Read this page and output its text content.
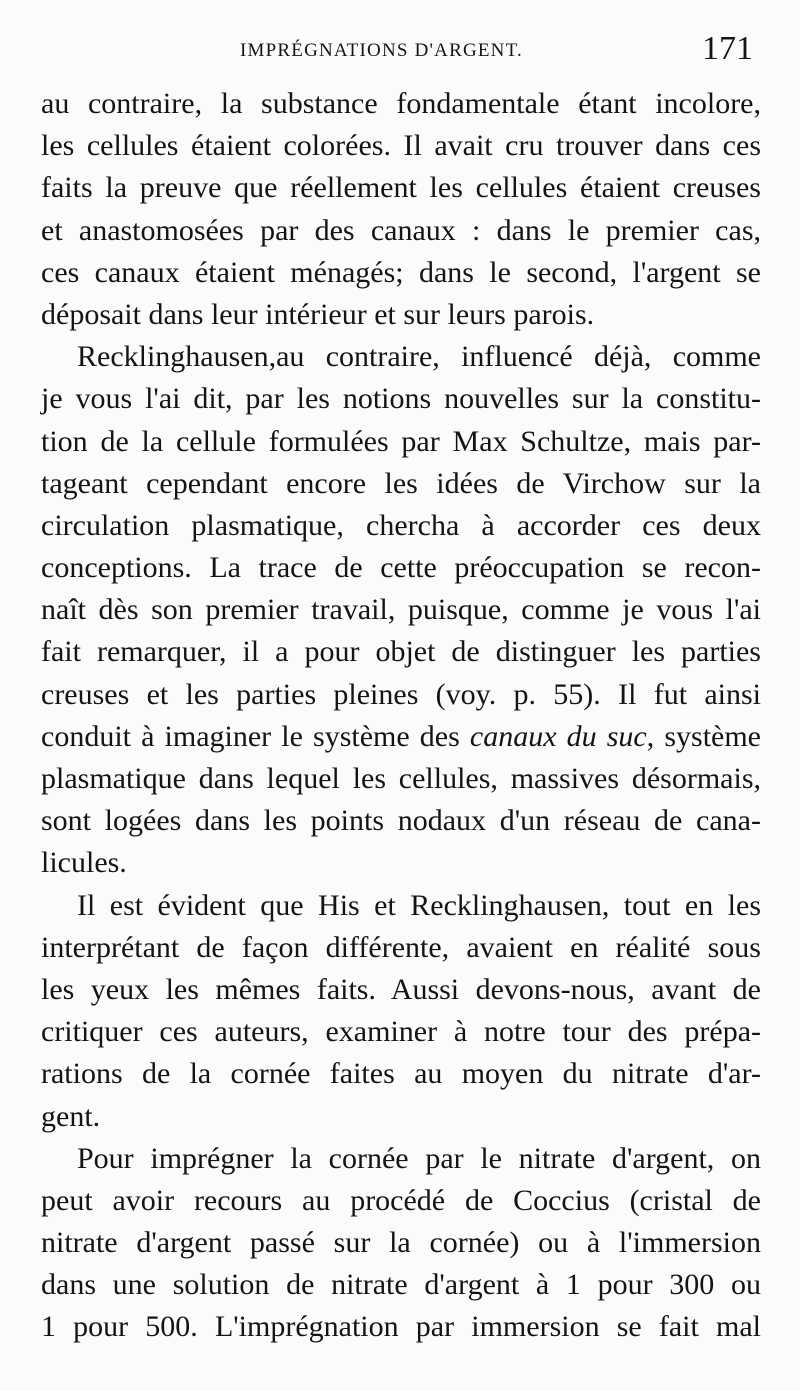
IMPRÉGNATIONS D'ARGENT.	171
au contraire, la substance fondamentale étant incolore,
les cellules étaient colorées. Il avait cru trouver dans ces
faits la preuve que réellement les cellules étaient creuses
et anastomosées par des canaux : dans le premier cas,
ces canaux étaient ménagés; dans le second, l'argent se
déposait dans leur intérieur et sur leurs parois.
Recklinghausen,au contraire, influencé déjà, comme
je vous l'ai dit, par les notions nouvelles sur la constitu-
tion de la cellule formulées par Max Schultze, mais par-
tageant cependant encore les idées de Virchow sur la
circulation plasmatique, chercha à accorder ces deux
conceptions. La trace de cette préoccupation se recon-
naît dès son premier travail, puisque, comme je vous l'ai
fait remarquer, il a pour objet de distinguer les parties
creuses et les parties pleines (voy. p. 55). Il fut ainsi
conduit à imaginer le système des canaux du suc, système
plasmatique dans lequel les cellules, massives désormais,
sont logées dans les points nodaux d'un réseau de cana-
licules.
Il est évident que His et Recklinghausen, tout en les
interprétant de façon différente, avaient en réalité sous
les yeux les mêmes faits. Aussi devons-nous, avant de
critiquer ces auteurs, examiner à notre tour des prépa-
rations de la cornée faites au moyen du nitrate d'ar-
gent.
Pour imprégner la cornée par le nitrate d'argent, on
peut avoir recours au procédé de Coccius (cristal de
nitrate d'argent passé sur la cornée) ou à l'immersion
dans une solution de nitrate d'argent à 1 pour 300 ou
1 pour 500. L'imprégnation par immersion se fait mal
